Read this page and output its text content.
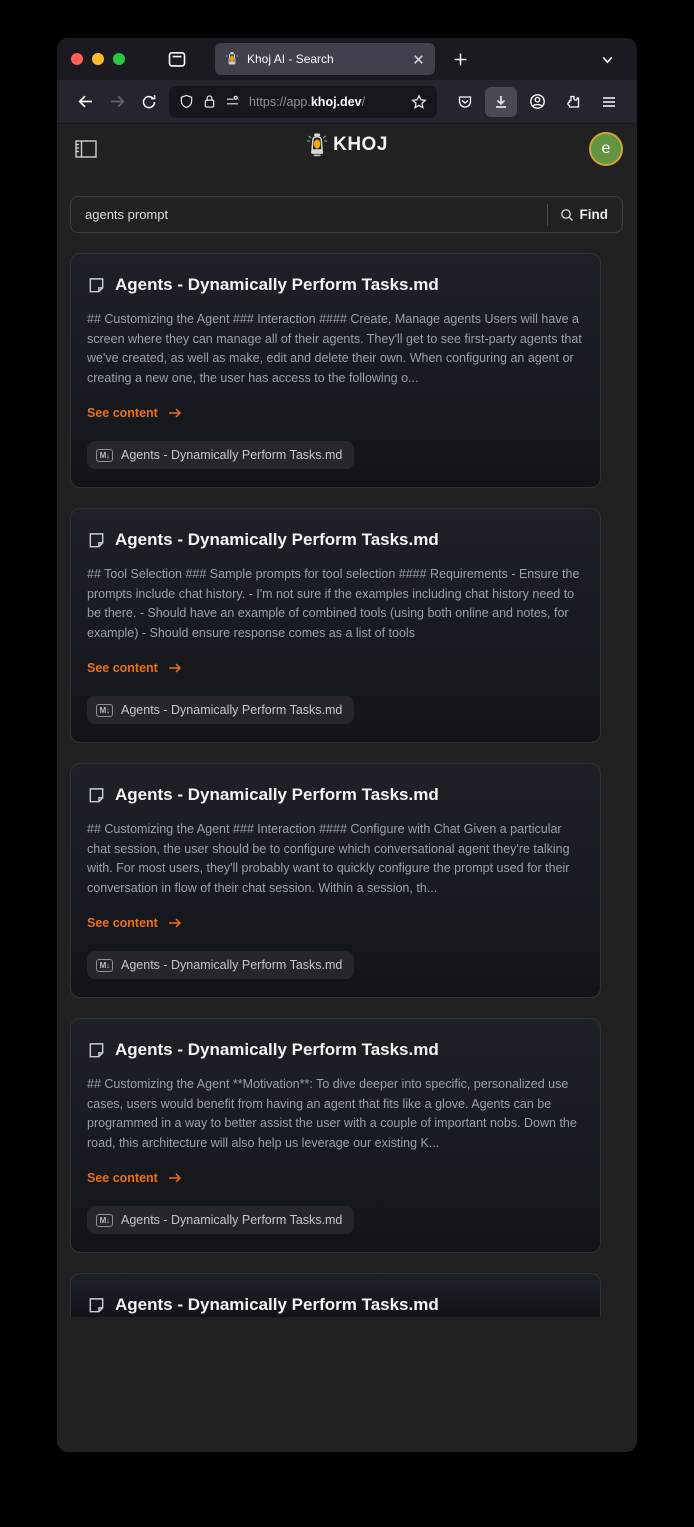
Khoj AI - Search
https://app.khoj.dev/
KHOJ	e
agents prompt
Find
Agents - Dynamically Perform Tasks.md
## Customizing the Agent ### Interaction #### Create, Manage agents Users will have a screen where they can manage all of their agents. They'll get to see first-party agents that we've created, as well as make, edit and delete their own. When configuring an agent or creating a new one, the user has access to the following o...
See content
M↓ Agents - Dynamically Perform Tasks.md
Agents - Dynamically Perform Tasks.md
## Tool Selection ### Sample prompts for tool selection #### Requirements - Ensure the prompts include chat history. - I'm not sure if the examples including chat history need to be there. - Should have an example of combined tools (using both online and notes, for example) - Should ensure response comes as a list of tools
See content
M↓ Agents - Dynamically Perform Tasks.md
Agents - Dynamically Perform Tasks.md
## Customizing the Agent ### Interaction #### Configure with Chat Given a particular chat session, the user should be to configure which conversational agent they're talking with. For most users, they'll probably want to quickly configure the prompt used for their conversation in flow of their chat session. Within a session, th...
See content
M↓ Agents - Dynamically Perform Tasks.md
Agents - Dynamically Perform Tasks.md
## Customizing the Agent **Motivation**: To dive deeper into specific, personalized use cases, users would benefit from having an agent that fits like a glove. Agents can be programmed in a way to better assist the user with a couple of important nobs. Down the road, this architecture will also help us leverage our existing K...
See content
M↓ Agents - Dynamically Perform Tasks.md
Agents - Dynamically Perform Tasks.md
